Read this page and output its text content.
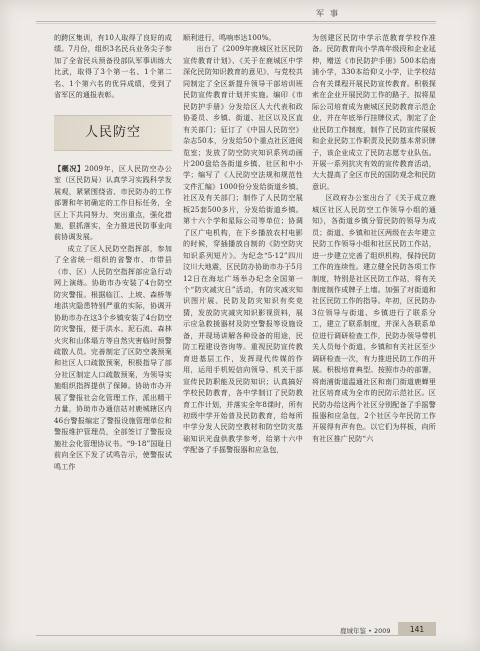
军事

的跨区集训，有10人取得了良好的成绩。7月份，组织3名民兵业务尖子参加了全省民兵预备役部队军事训练大比武，取得了3个第一名、1个第二名、1个第六名的优异成绩，受到了省军区的通报表彰。

人民防空

【概况】2009年，区人民防空办公室（区民防局）认真学习实践科学发展观，紧紧围绕省、市民防办的工作部署和年初确定的工作目标任务，全区上下共同努力，突出重点，强化措施，狠抓落实，全力推进民防事业向前协调发展。

成立了区人民防空指挥部，参加了全省统一组织的省警市、市带县（市、区）人民防空指挥部应急行动网上演练。协助市办安装了4台防空防灾警报。根据临江、上坡、森桥等地洪灾隐患特别严重的实际，协调开协助市办在这3个乡镇安装了4台防空防灾警报，便于洪水、泥石流、森林火灾和山体塌方等自然灾害临时预警疏散人员。完善制定了区防空袭预案和社区人口疏散预案，积极指导了部分社区制定人口疏散预案，为领导实施组织指挥提供了保障。协助市办开展了警报社会化管理工作，派出精干力量，协助市办通信站对鹿城辖区内46台警报编定了警报设施管理单位和警报维护管理员，全部签订了警报设施社会化管理协议书。“9·18”国耻日前向全区下发了试鸣告示，使警报试鸣工作

顺利进行，鸣响率达100%。

出台了《2009年鹿城区社区民防宣传教育计划》、《关于在鹿城区中学深化民防知识教育的意见》，与党校共同制定了全区新提升领导干部培训班民防宣传教育计划并实施。编印《市民防护手册》分发给区人大代表和政协委员、乡镇、街道、社区以及区直有关部门；征订了《中国人民防空》杂志50本，分发给50个重点社区进阅览室；发放了防空防灾知识系列动画片200盘给各街道乡镇、社区和中小学；编写了《人民防空法规和规范性文件汇编》1000份分发给街道乡镇、社区及有关部门；制作了人民防空展板25套500多片，分发给街道乡镇。第十六个学和星际公司等单位；协调了区广电机构，在下乡播放农村电影的时候，穿插播放自制的《防空防灾知识系列短片》。为纪念“5·12”四川汶川大地震，区民防办协助市办于5月12日在海坛广场举办纪念全国第一个“防灾减灾日”活动，有防灾减灾知识图片展、民防及防灾知识有奖竞猜，发放防灾减灾知识影视资料，展示应急救援器材及防空警报等设施设备，并现场讲解各种设备的用途，民防工程建设咨询等。重视民防宣传教育进基层工作，发挥现代传媒的作用，运用手机短信向领导、机关干部宣传民防职能及民防知识；认真搞好学校民防教育，各中学制订了民防教育工作计划，并落实全年8课时，所有初级中学开始普及民防教育，给每所中学分发人民防空教材和防空防灾基础知识光盘供教学参考，给第十六中学配备了手摇警报器和应急包，

为创建区民防中学示范教育学校作准备。民防教育向小学高年级段和企业延伸，赠送《市民防护手册》500本给南浦小学，330本给仰义小学，让学校结合有关课程开展民防宣传教育。积极探索在企业开展民防工作的路子，拟将星际公司培育成为鹿城区民防教育示范企业，并在年底举行挂牌仪式，制定了企业民防工作制度，制作了民防宣传展板和企业民防工作职责及民防基本常识牌子，该企业成立了民防志愿专业队伍。开展一系列抗灾有效的宣传教育活动，大大提高了全区市民的国防观念和民防意识。

区政府办公室出台了《关于成立鹿城区社区人民防空工作领导小组的通知》，各街道乡镇分管民防的领导为成员；街道、乡镇和社区两级在去年建立民防工作领导小组和社区民防工作站，进一步建立完善了组织机构，保持民防工作的连续性。建立健全民防各项工作制度，特别是社区民防工作站，将有关制度制作成牌子上墙。加强了对街道和社区民防工作的指导。年初，区民防办3位领导与街道、乡镇进行了联系分工，建立了联系制度，并深入各联系单位进行调研检查工作，民防办领导带机关人员每个街道、乡镇和有关社区至少调研检查一次，有力推进民防工作的开展。积极培育典型。按照市办的部署，将南浦街道温通社区和南门街道鹿蝉里社区培育成为全市的民防示范社区。区民防办给这两个社区分别配备了手摇警报器和应急包，2个社区今年民防工作开展得有声有色。以它们为样板，向所有社区推广民防“六

鹿城年鉴 • 2009	141
